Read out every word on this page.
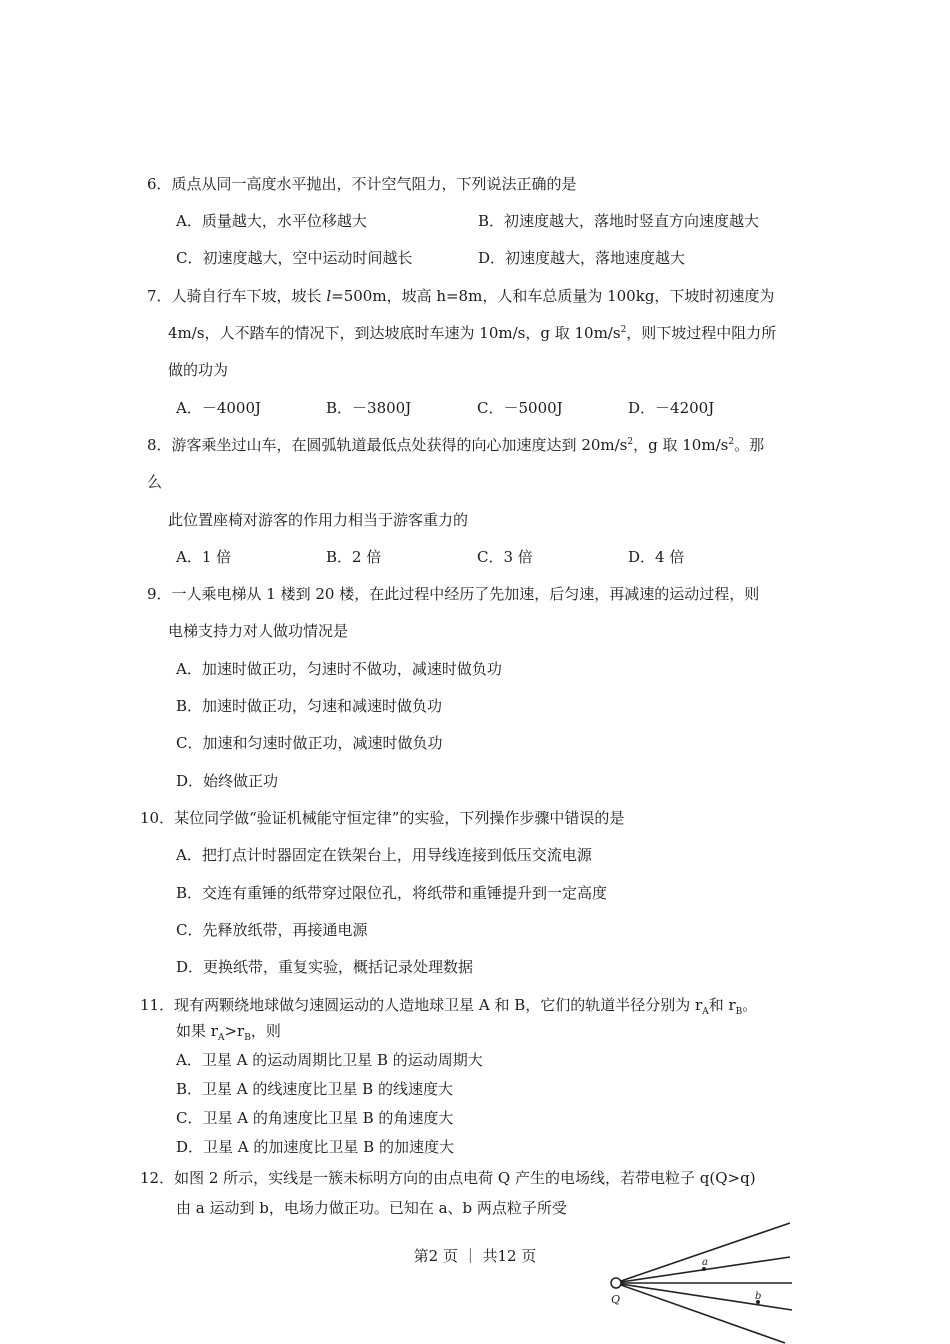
6．质点从同一高度水平抛出，不计空气阻力，下列说法正确的是
A．质量越大，水平位移越大	B．初速度越大，落地时竖直方向速度越大
C．初速度越大，空中运动时间越长	D．初速度越大，落地速度越大
7．人骑自行车下坡，坡长 l=500m，坡高 h=8m，人和车总质量为 100kg，下坡时初速度为
4m/s，人不踏车的情况下，到达坡底时车速为 10m/s，g 取 $10m/s^2$，则下坡过程中阻力所
做的功为
A．－4000J	B．－3800J	C．－5000J	D．－4200J
8．游客乘坐过山车，在圆弧轨道最低点处获得的向心加速度达到 $20m/s^2$，g 取 $10m/s^2$。那
么
此位置座椅对游客的作用力相当于游客重力的
A．1 倍	B．2 倍	C．3 倍	D．4 倍
9．一人乘电梯从 1 楼到 20 楼，在此过程中经历了先加速，后匀速，再减速的运动过程，则
电梯支持力对人做功情况是
A．加速时做正功，匀速时不做功，减速时做负功
B．加速时做正功，匀速和减速时做负功
C．加速和匀速时做正功，减速时做负功
D．始终做正功
10．某位同学做“验证机械能守恒定律”的实验，下列操作步骤中错误的是
A．把打点计时器固定在铁架台上，用导线连接到低压交流电源
B．交连有重锤的纸带穿过限位孔，将纸带和重锤提升到一定高度
C．先释放纸带，再接通电源
D．更换纸带，重复实验，概括记录处理数据
11．现有两颗绕地球做匀速圆运动的人造地球卫星 A 和 B，它们的轨道半径分别为 $r_A$和 $r_B$。
如果 $r_A>r_B$，则
A．卫星 A 的运动周期比卫星 B 的运动周期大
B．卫星 A 的线速度比卫星 B 的线速度大
C．卫星 A 的角速度比卫星 B 的角速度大
D．卫星 A 的加速度比卫星 B 的加速度大
12．如图 2 所示，实线是一簇未标明方向的由点电荷 Q 产生的电场线，若带电粒子 q(Q>q)
由 a 运动到 b，电场力做正功。已知在 a、b 两点粒子所受
第2 页 ｜ 共12 页	a
b
Q
